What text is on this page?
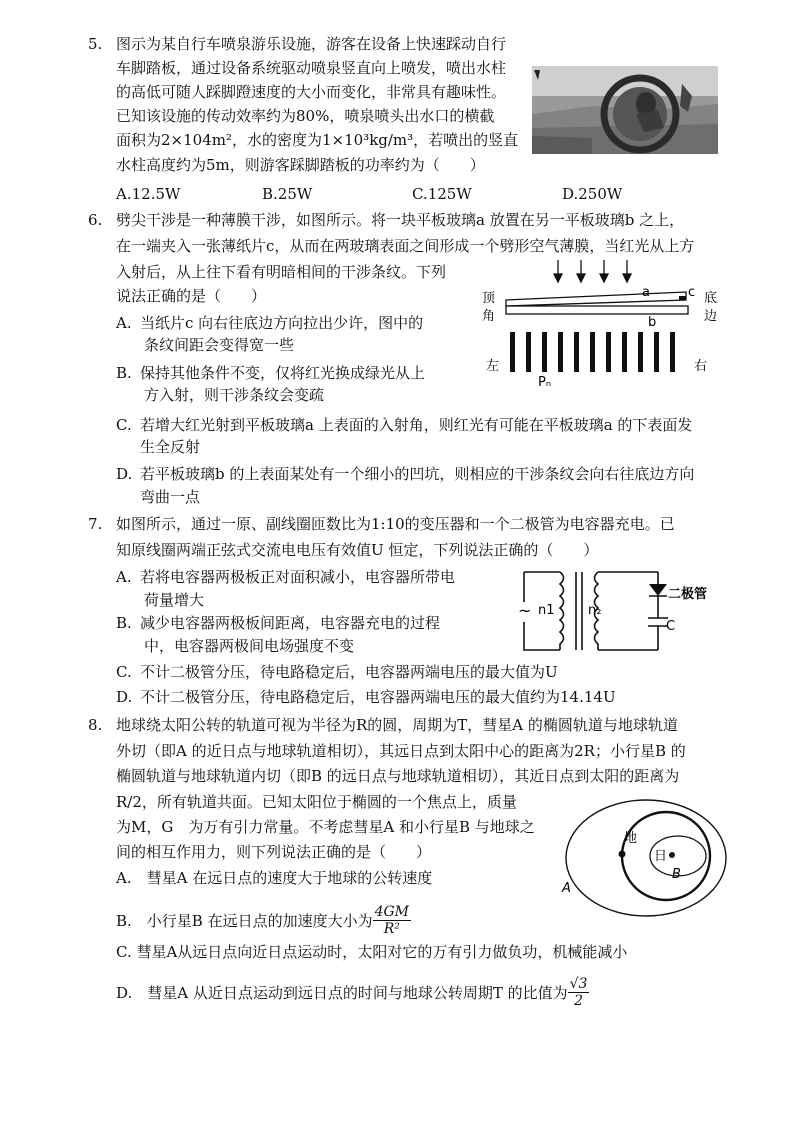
5. 图示为某自行车喷泉游乐设施，游客在设备上快速踩动自行
车脚踏板，通过设备系统驱动喷泉竖直向上喷发，喷出水柱
的高低可随人踩脚蹬速度的大小而变化，非常具有趣味性。
已知该设施的传动效率约为80%，喷泉喷头出水口的横截
面积为2×104m²，水的密度为1×10³kg/m³，若喷出的竖直
水柱高度约为5m，则游客踩脚踏板的功率约为（　　）
A.12.5W	B.25W	C.125W	D.250W
6. 劈尖干涉是一种薄膜干涉，如图所示。将一块平板玻璃a 放置在另一平板玻璃b 之上，
在一端夹入一张薄纸片c，从而在两玻璃表面之间形成一个劈形空气薄膜，当红光从上方
入射后，从上往下看有明暗相间的干涉条纹。下列
说法正确的是（　　）
A. 当纸片c 向右往底边方向拉出少许，图中的
条纹间距会变得宽一些
B. 保持其他条件不变，仅将红光换成绿光从上
方入射，则干涉条纹会变疏
C. 若增大红光射到平板玻璃a 上表面的入射角，则红光有可能在平板玻璃a 的下表面发
生全反射
D. 若平板玻璃b 的上表面某处有一个细小的凹坑，则相应的干涉条纹会向右往底边方向
弯曲一点
a
b
c
顶
角
底
边
左	右
Pₙ
7. 如图所示，通过一原、副线圈匝数比为1:10的变压器和一个二极管为电容器充电。已
知原线圈两端正弦式交流电电压有效值U 恒定，下列说法正确的（　　）
A. 若将电容器两极板正对面积减小，电容器所带电
荷量增大
B. 减少电容器两极板间距离，电容器充电的过程
中，电容器两极间电场强度不变
C. 不计二极管分压，待电路稳定后，电容器两端电压的最大值为U
D. 不计二极管分压，待电路稳定后，电容器两端电压的最大值约为14.14U
~ n1	n₂
二极管
C
8. 地球绕太阳公转的轨道可视为半径为R的圆，周期为T，彗星A 的椭圆轨道与地球轨道
外切（即A 的近日点与地球轨道相切），其远日点到太阳中心的距离为2R；小行星B 的
椭圆轨道与地球轨道内切（即B 的远日点与地球轨道相切），其近日点到太阳的距离为
R/2，所有轨道共面。已知太阳位于椭圆的一个焦点上，质量
为M，G　为万有引力常量。不考虑彗星A 和小行星B 与地球之
间的相互作用力，则下列说法正确的是（　　）
A.　彗星A 在远日点的速度大于地球的公转速度
B.　小行星B 在远日点的加速度大小为 $\frac{4GM}{\text{R²}}$
C. 彗星A从远日点向近日点运动时，太阳对它的万有引力做负功，机械能减小
D.　彗星A 从近日点运动到远日点的时间与地球公转周期T 的比值为 $\frac{√3}{2}$
地
日
B
A
